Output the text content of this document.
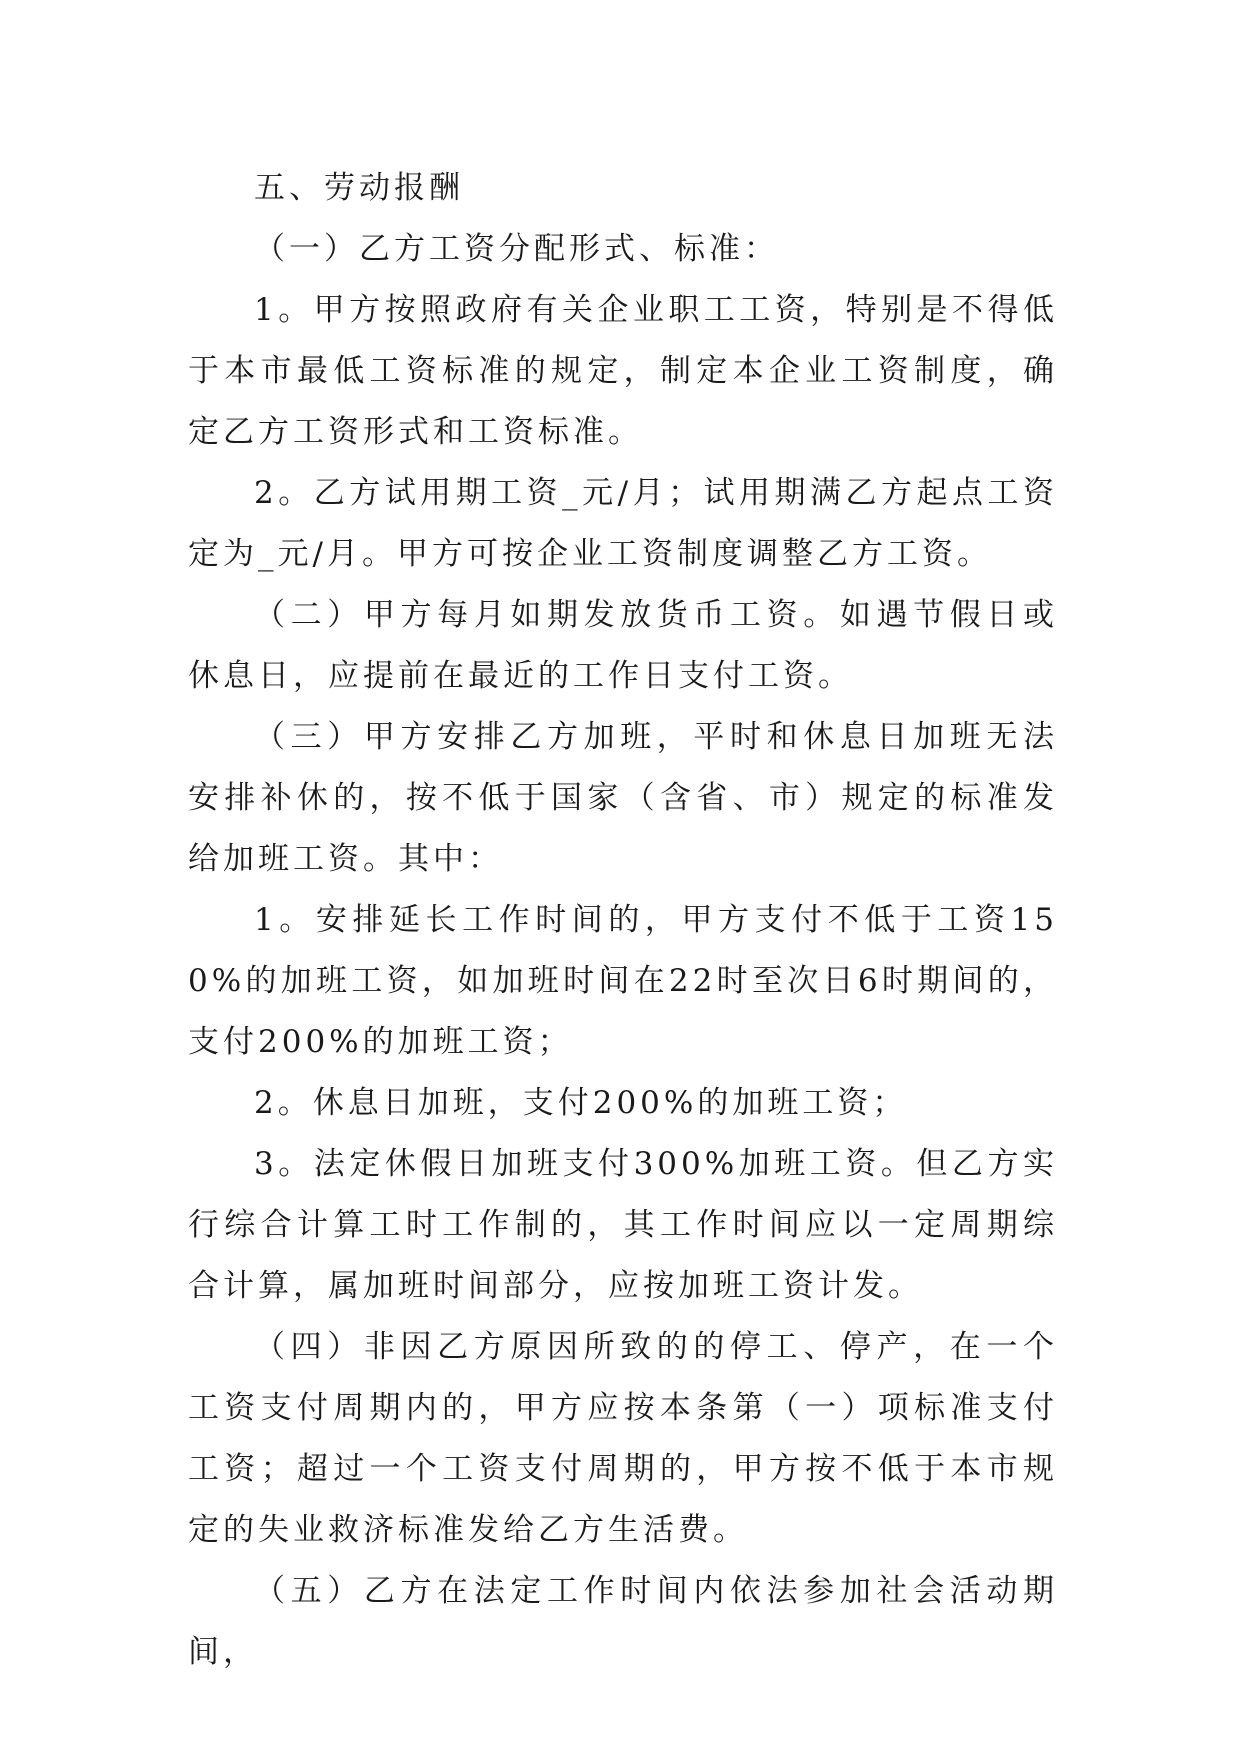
五、劳动报酬

（一）乙方工资分配形式、标准：

1。甲方按照政府有关企业职工工资，特别是不得低于本市最低工资标准的规定，制定本企业工资制度，确定乙方工资形式和工资标准。

2。乙方试用期工资_元/月；试用期满乙方起点工资定为_元/月。甲方可按企业工资制度调整乙方工资。

（二）甲方每月如期发放货币工资。如遇节假日或休息日，应提前在最近的工作日支付工资。

（三）甲方安排乙方加班，平时和休息日加班无法安排补休的，按不低于国家（含省、市）规定的标准发给加班工资。其中：

1。安排延长工作时间的，甲方支付不低于工资150%的加班工资，如加班时间在22时至次日6时期间的，支付200%的加班工资；

2。休息日加班，支付200%的加班工资；

3。法定休假日加班支付300%加班工资。但乙方实行综合计算工时工作制的，其工作时间应以一定周期综合计算，属加班时间部分，应按加班工资计发。

（四）非因乙方原因所致的的停工、停产，在一个工资支付周期内的，甲方应按本条第（一）项标准支付工资；超过一个工资支付周期的，甲方按不低于本市规定的失业救济标准发给乙方生活费。

（五）乙方在法定工作时间内依法参加社会活动期间，
